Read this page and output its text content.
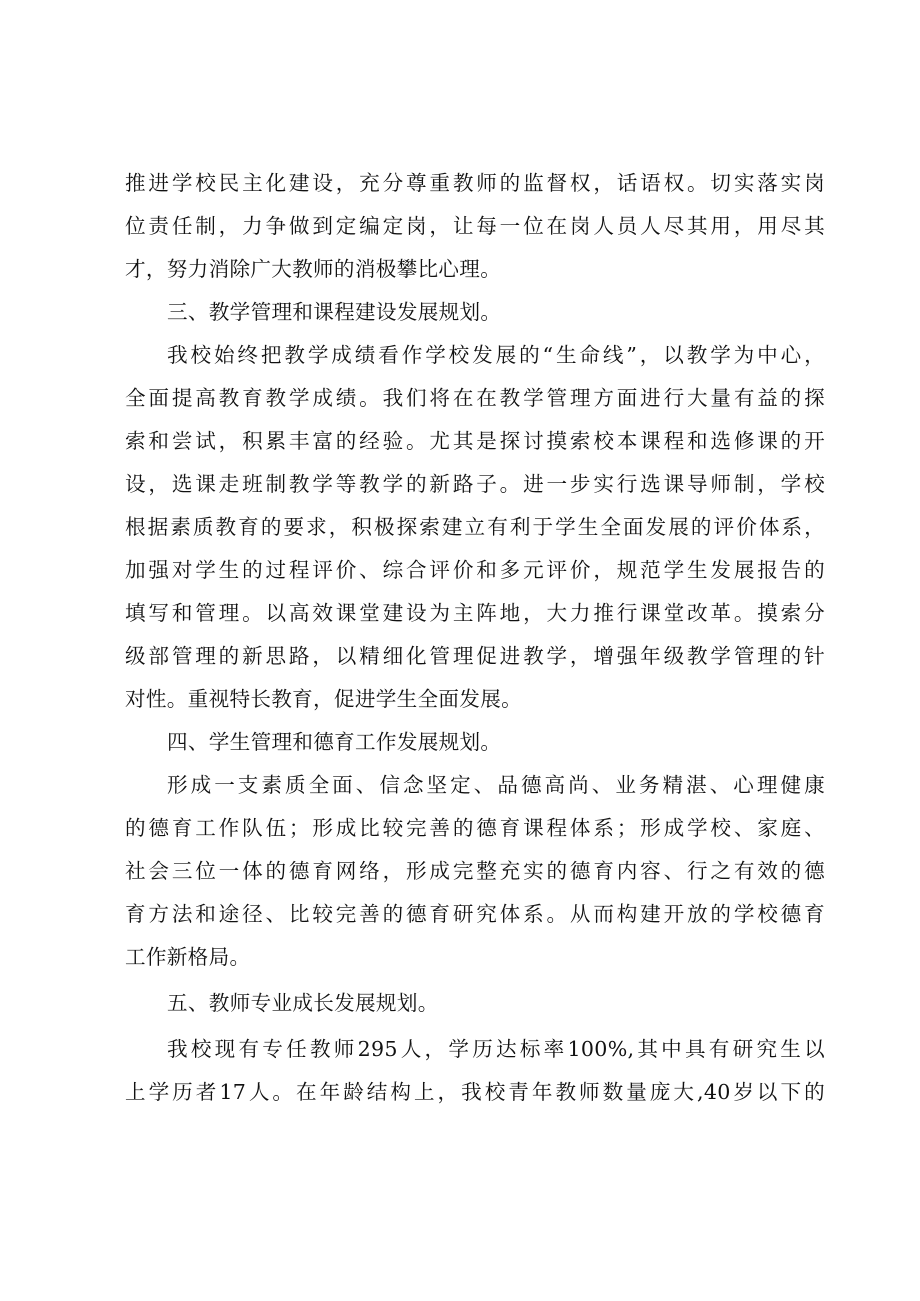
推进学校民主化建设，充分尊重教师的监督权，话语权。切实落实岗
位责任制，力争做到定编定岗，让每一位在岗人员人尽其用，用尽其
才，努力消除广大教师的消极攀比心理。
三、教学管理和课程建设发展规划。
我校始终把教学成绩看作学校发展的“生命线”，以教学为中心，
全面提高教育教学成绩。我们将在在教学管理方面进行大量有益的探
索和尝试，积累丰富的经验。尤其是探讨摸索校本课程和选修课的开
设，选课走班制教学等教学的新路子。进一步实行选课导师制，学校
根据素质教育的要求，积极探索建立有利于学生全面发展的评价体系，
加强对学生的过程评价、综合评价和多元评价，规范学生发展报告的
填写和管理。以高效课堂建设为主阵地，大力推行课堂改革。摸索分
级部管理的新思路，以精细化管理促进教学，增强年级教学管理的针
对性。重视特长教育，促进学生全面发展。
四、学生管理和德育工作发展规划。
形成一支素质全面、信念坚定、品德高尚、业务精湛、心理健康
的德育工作队伍；形成比较完善的德育课程体系；形成学校、家庭、
社会三位一体的德育网络，形成完整充实的德育内容、行之有效的德
育方法和途径、比较完善的德育研究体系。从而构建开放的学校德育
工作新格局。
五、教师专业成长发展规划。
我校现有专任教师295人，学历达标率100%,其中具有研究生以
上学历者17人。在年龄结构上，我校青年教师数量庞大,40岁以下的
